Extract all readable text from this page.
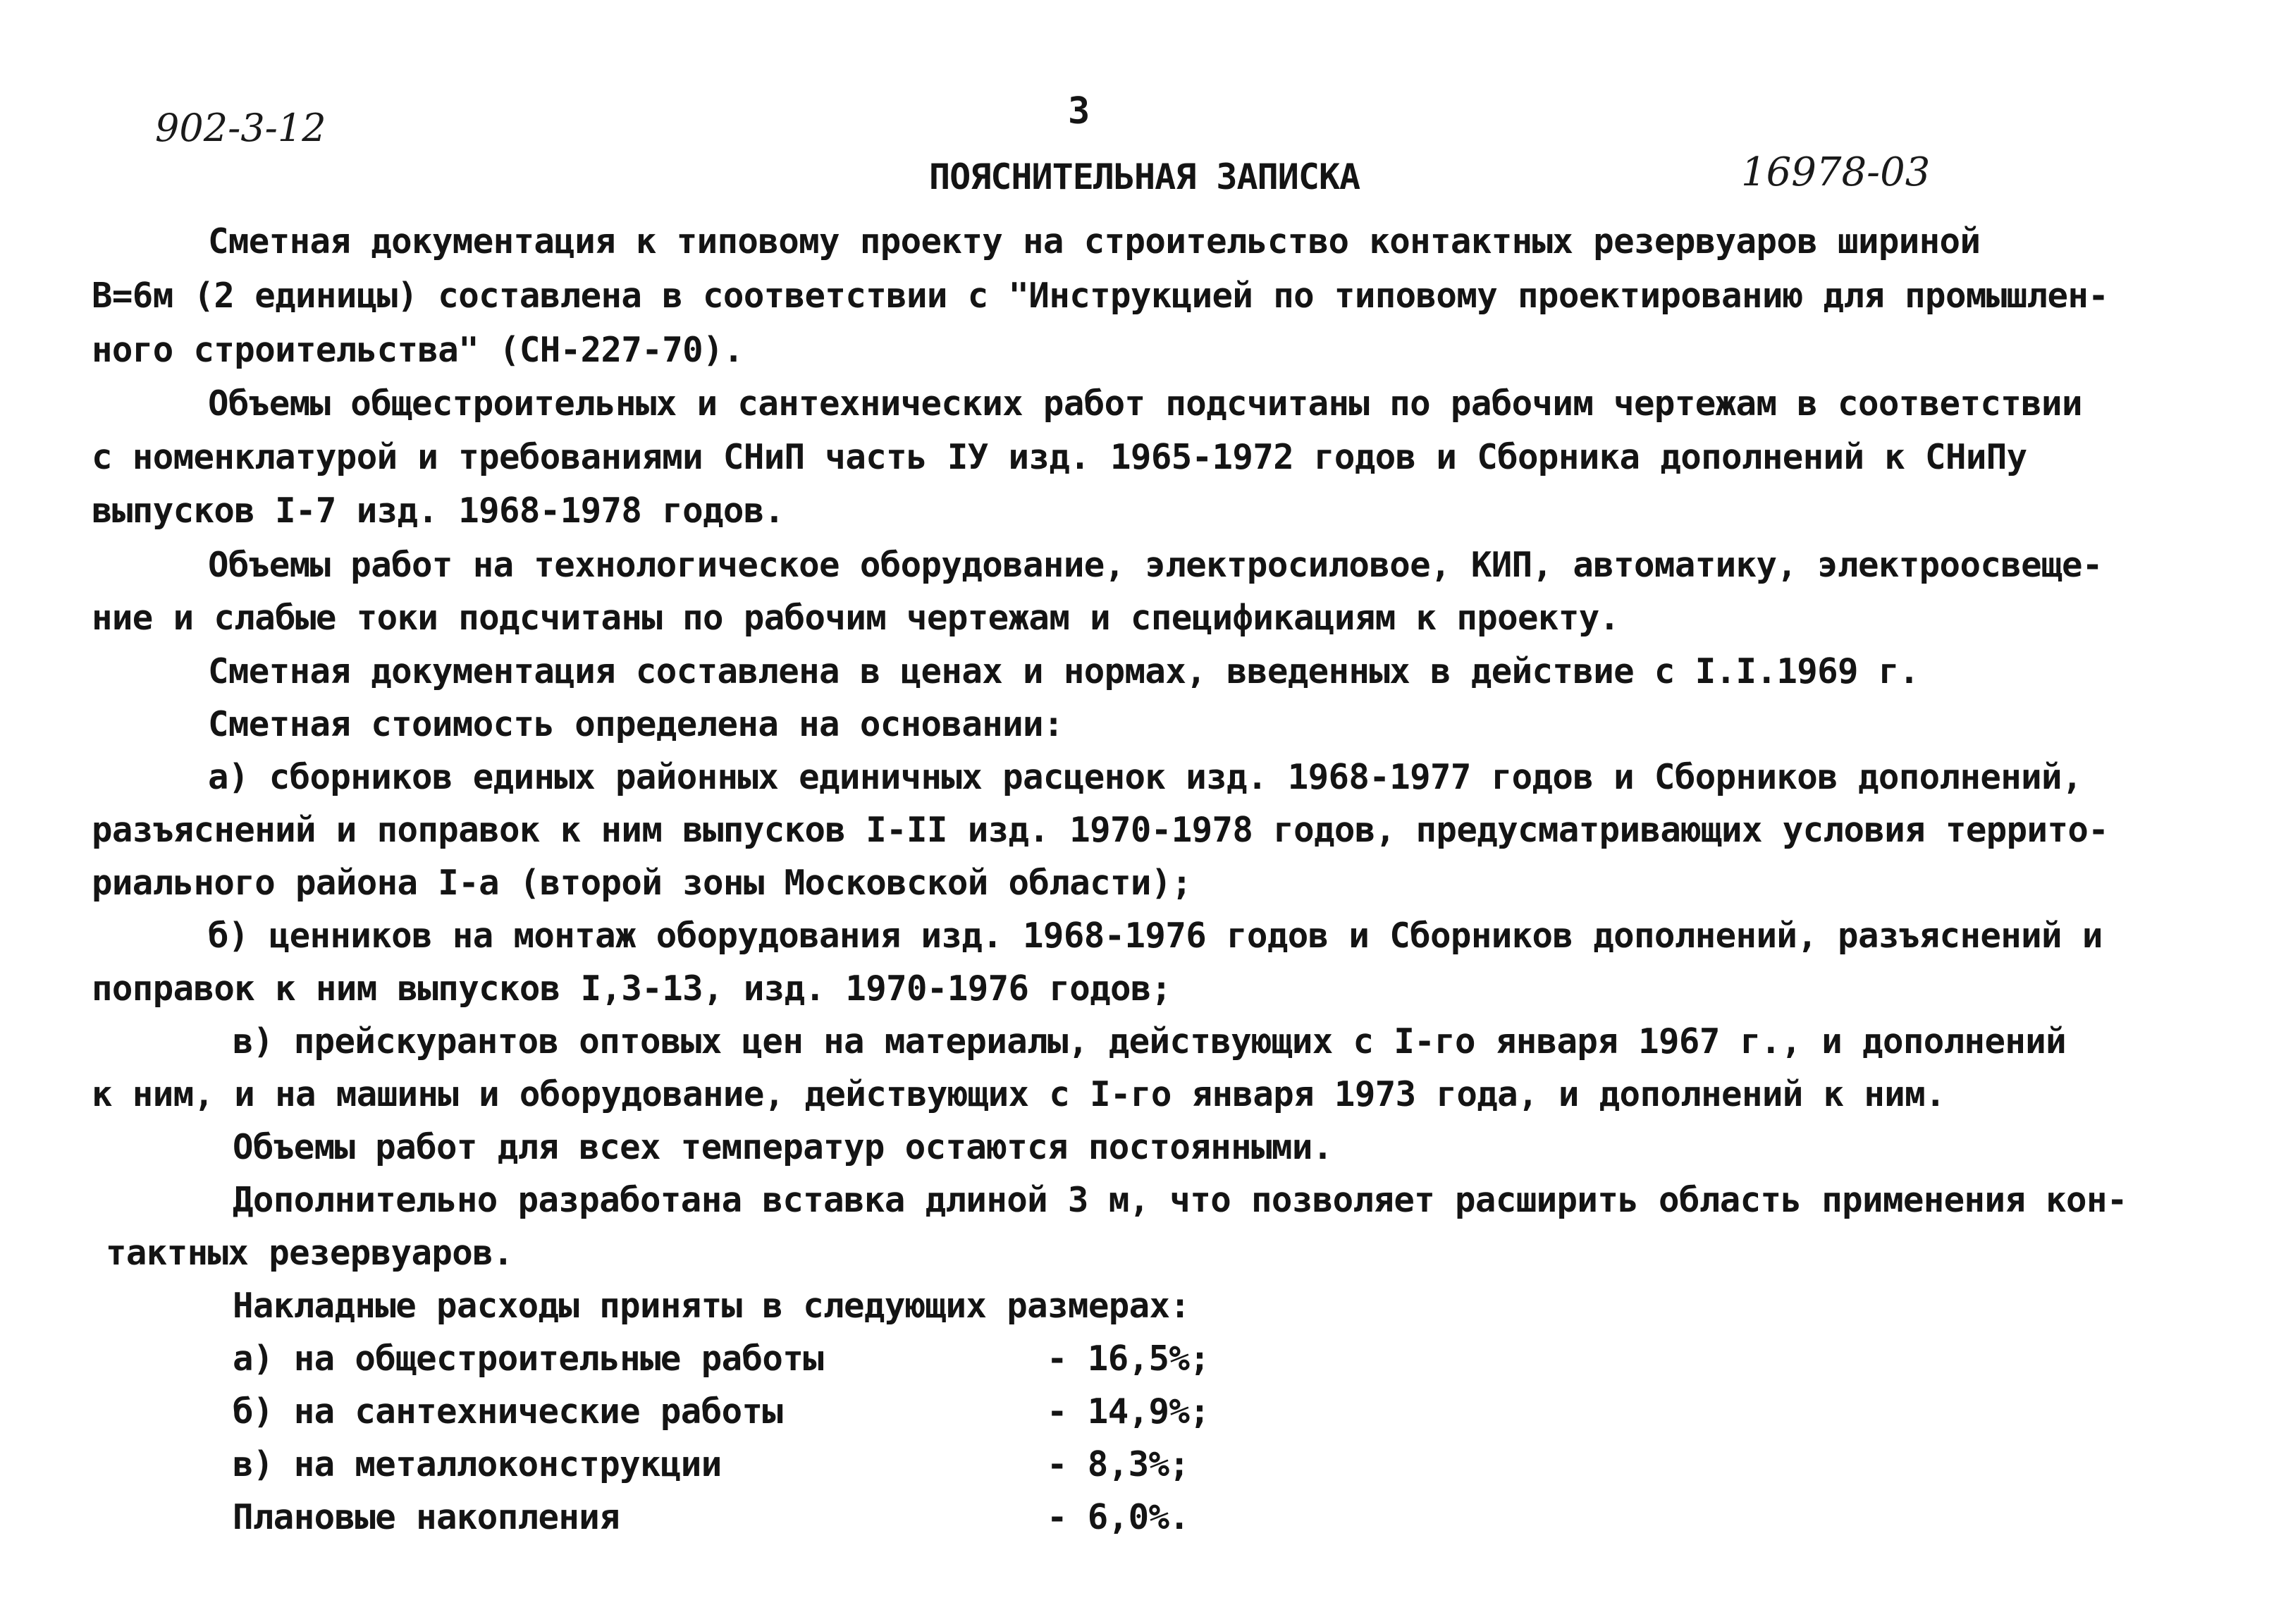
902-3-12	3
ПОЯСНИТЕЛЬНАЯ ЗАПИСКА	16978-03
Сметная документация к типовому проекту на строительство контактных резервуаров шириной
В=6м (2 единицы) составлена в соответствии с "Инструкцией по типовому проектированию для промышлен-
ного строительства" (СН-227-70).
Объемы общестроительных и сантехнических работ подсчитаны по рабочим чертежам в соответствии
с номенклатурой и требованиями СНиП часть IУ изд. 1965-1972 годов и Сборника дополнений к СНиПу
выпусков I-7 изд. 1968-1978 годов.
Объемы работ на технологическое оборудование, электросиловое, КИП, автоматику, электроосвеще-
ние и слабые токи подсчитаны по рабочим чертежам и спецификациям к проекту.
Сметная документация составлена в ценах и нормах, введенных в действие с I.I.1969 г.
Сметная стоимость определена на основании:
а) сборников единых районных единичных расценок изд. 1968-1977 годов и Сборников дополнений,
разъяснений и поправок к ним выпусков I-II изд. 1970-1978 годов, предусматривающих условия террито-
риального района I-а (второй зоны Московской области);
б) ценников на монтаж оборудования изд. 1968-1976 годов и Сборников дополнений, разъяснений и
поправок к ним выпусков I,3-13, изд. 1970-1976 годов;
в) прейскурантов оптовых цен на материалы, действующих с I-го января 1967 г., и дополнений
к ним, и на машины и оборудование, действующих с I-го января 1973 года, и дополнений к ним.
Объемы работ для всех температур остаются постоянными.
Дополнительно разработана вставка длиной 3 м, что позволяет расширить область применения кон-
тактных резервуаров.
Накладные расходы приняты в следующих размерах:
а) на общестроительные работы	- 16,5%;
б) на сантехнические работы	- 14,9%;
в) на металлоконструкции	- 8,3%;
Плановые накопления	- 6,0%.
